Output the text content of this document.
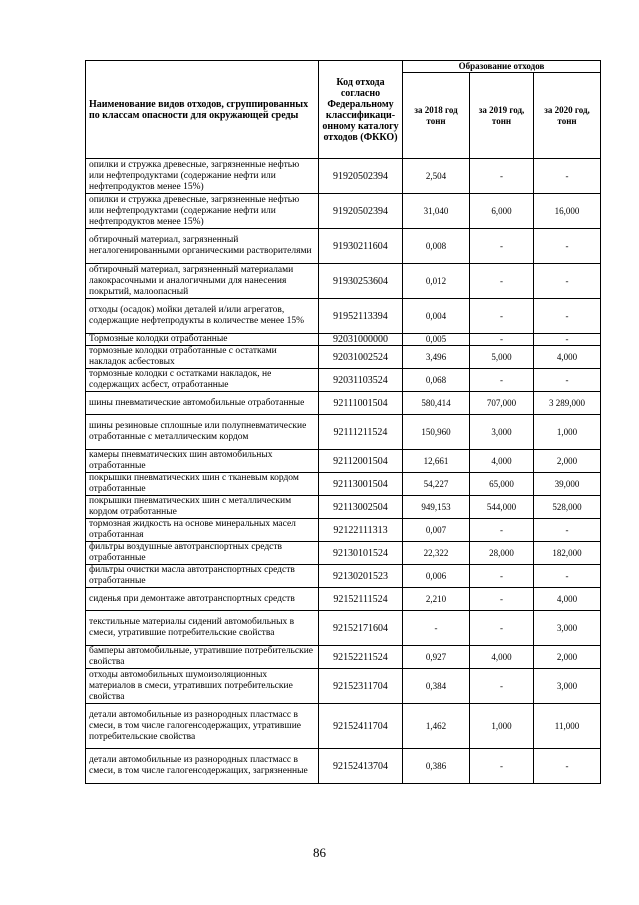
Наименование видов отходов, сгруппированных по классам опасности для окружающей среды	Код отхода согласно Федеральному классификаци-онному каталогу отходов (ФККО)	Образование отходов		
		за 2018 год тонн	за 2019 год, тонн	за 2020 год, тонн
опилки и стружка древесные, загрязненные нефтью или нефтепродуктами (содержание нефти или нефтепродуктов менее 15%)	91920502394	2,504	-	-
опилки и стружка древесные, загрязненные нефтью или нефтепродуктами (содержание нефти или нефтепродуктов менее 15%)	91920502394	31,040	6,000	16,000
обтирочный материал, загрязненный негалогенированными органическими растворителями	91930211604	0,008	-	-
обтирочный материал, загрязненный материалами лакокрасочными и аналогичными для нанесения покрытий, малоопасный	91930253604	0,012	-	-
отходы (осадок) мойки деталей и/или агрегатов, содержащие нефтепродукты в количестве менее 15%	91952113394	0,004	-	-
Тормозные колодки отработанные	92031000000	0,005	-	-
тормозные колодки отработанные с остатками накладок асбестовых	92031002524	3,496	5,000	4,000
тормозные колодки с остатками накладок, не содержащих асбест, отработанные	92031103524	0,068	-	-
шины пневматические автомобильные отработанные	92111001504	580,414	707,000	3 289,000
шины резиновые сплошные или полупневматические отработанные с металлическим кордом	92111211524	150,960	3,000	1,000
камеры пневматических шин автомобильных отработанные	92112001504	12,661	4,000	2,000
покрышки пневматических шин с тканевым кордом отработанные	92113001504	54,227	65,000	39,000
покрышки пневматических шин с металлическим кордом отработанные	92113002504	949,153	544,000	528,000
тормозная жидкость на основе минеральных масел отработанная	92122111313	0,007	-	-
фильтры воздушные автотранспортных средств отработанные	92130101524	22,322	28,000	182,000
фильтры очистки масла автотранспортных средств отработанные	92130201523	0,006	-	-
сиденья при демонтаже автотранспортных средств	92152111524	2,210	-	4,000
текстильные материалы сидений автомобильных в смеси, утратившие потребительские свойства	92152171604	-	-	3,000
бамперы автомобильные, утратившие потребительские свойства	92152211524	0,927	4,000	2,000
отходы автомобильных шумоизоляционных материалов в смеси, утративших потребительские свойства	92152311704	0,384	-	3,000
детали автомобильные из разнородных пластмасс в смеси, в том числе галогенсодержащих, утратившие потребительские свойства	92152411704	1,462	1,000	11,000
детали автомобильные из разнородных пластмасс в смеси, в том числе галогенсодержащих, загрязненные	92152413704	0,386	-	-
86
